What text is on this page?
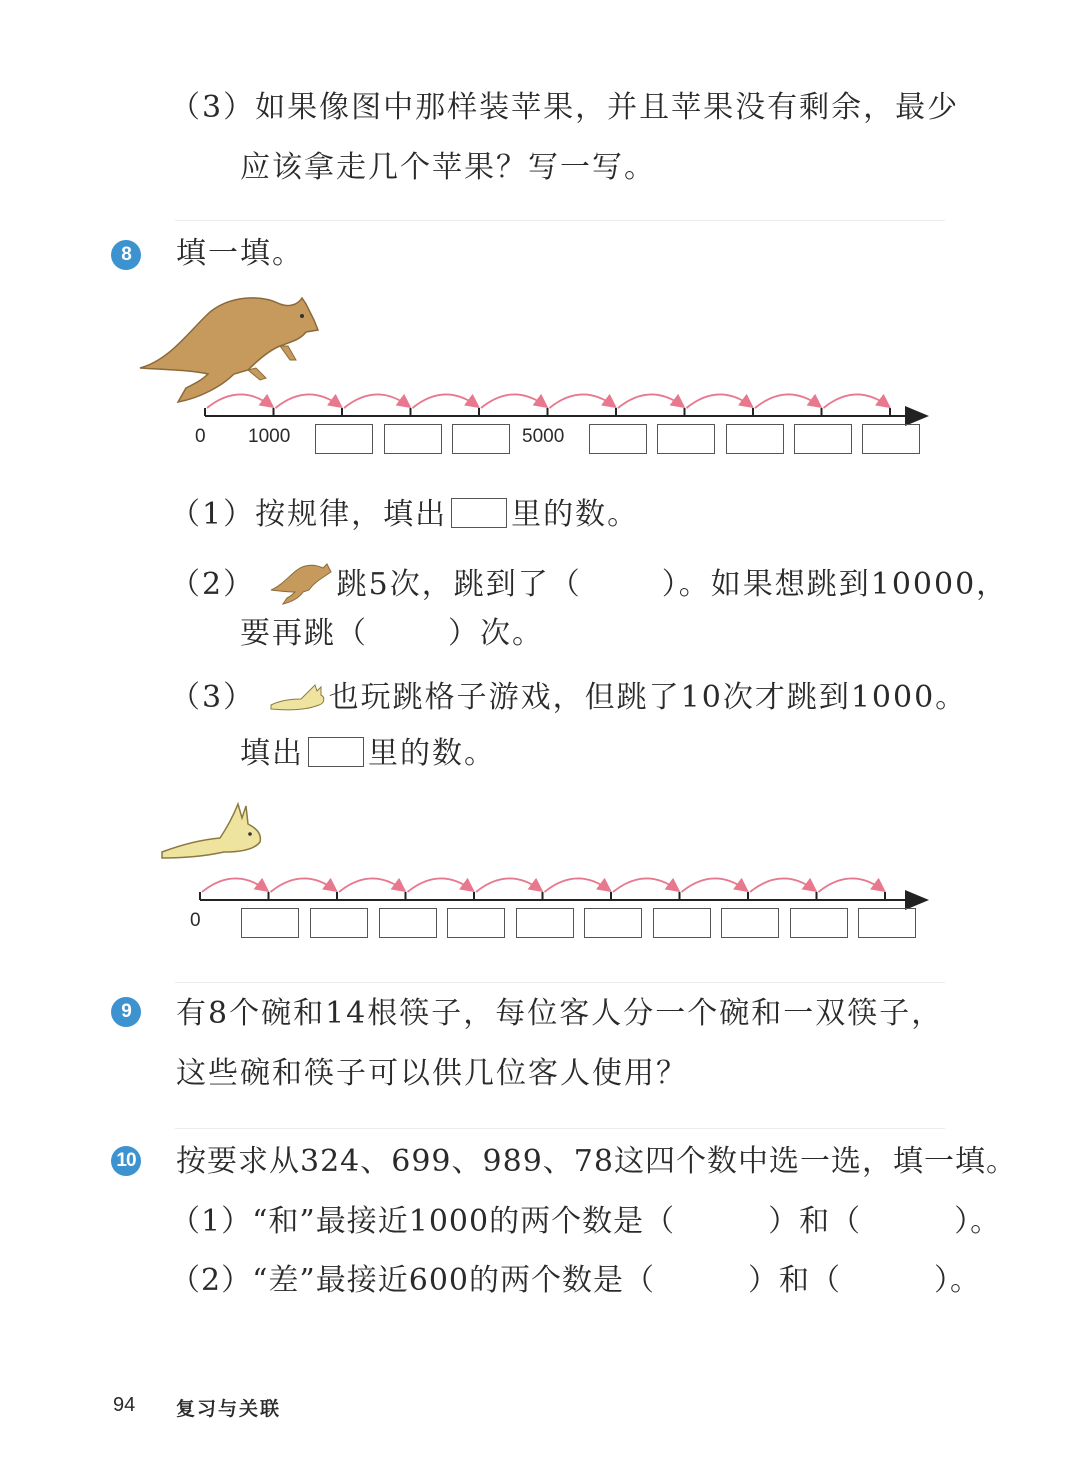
（3）如果像图中那样装苹果，并且苹果没有剩余，最少
应该拿走几个苹果？写一写。
8	填一填。
0 1000	5000
（1）按规律，填出 里的数。
（2）	跳5次，跳到了（	）。如果想跳到10000，
要再跳（	）次。
（3） 也玩跳格子游戏，但跳了10次才跳到1000。
填出 里的数。
0
9	有8个碗和14根筷子，每位客人分一个碗和一双筷子，
这些碗和筷子可以供几位客人使用？
10 按要求从324、699、989、78这四个数中选一选，填一填。
（1）“和”最接近1000的两个数是（　　　）和（　　　）。
（2）“差”最接近600的两个数是（　　　）和（　　　）。
94 复习与关联
